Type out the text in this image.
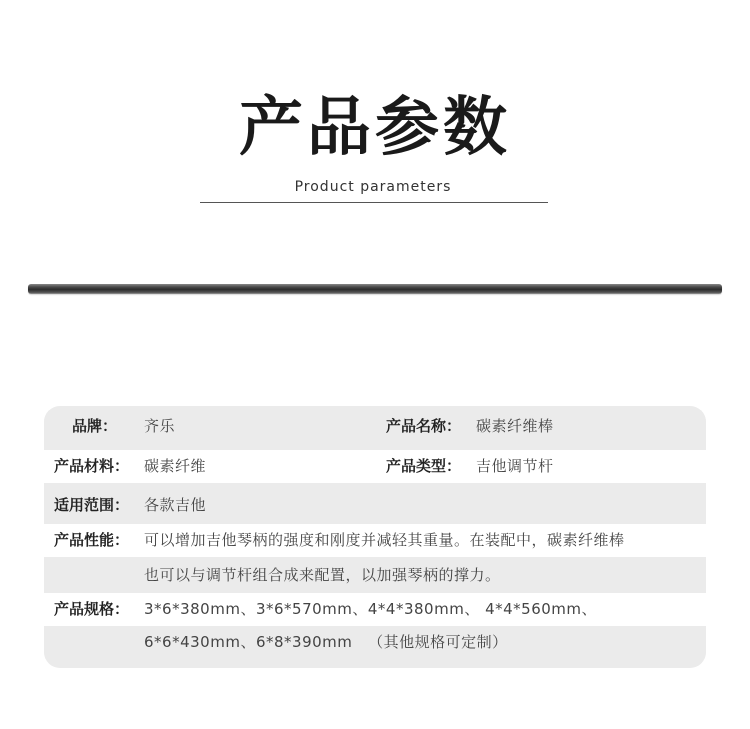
产品参数
Product parameters
品牌： 齐乐	产品名称： 碳素纤维棒
产品材料： 碳素纤维	产品类型： 吉他调节杆
适用范围： 各款吉他
产品性能： 可以增加吉他琴柄的强度和刚度并减轻其重量。在装配中，碳素纤维棒
也可以与调节杆组合成来配置，以加强琴柄的撑力。
产品规格： 3*6*380mm、3*6*570mm、4*4*380mm、 4*4*560mm、
6*6*430mm、6*8*390mm   （其他规格可定制）
